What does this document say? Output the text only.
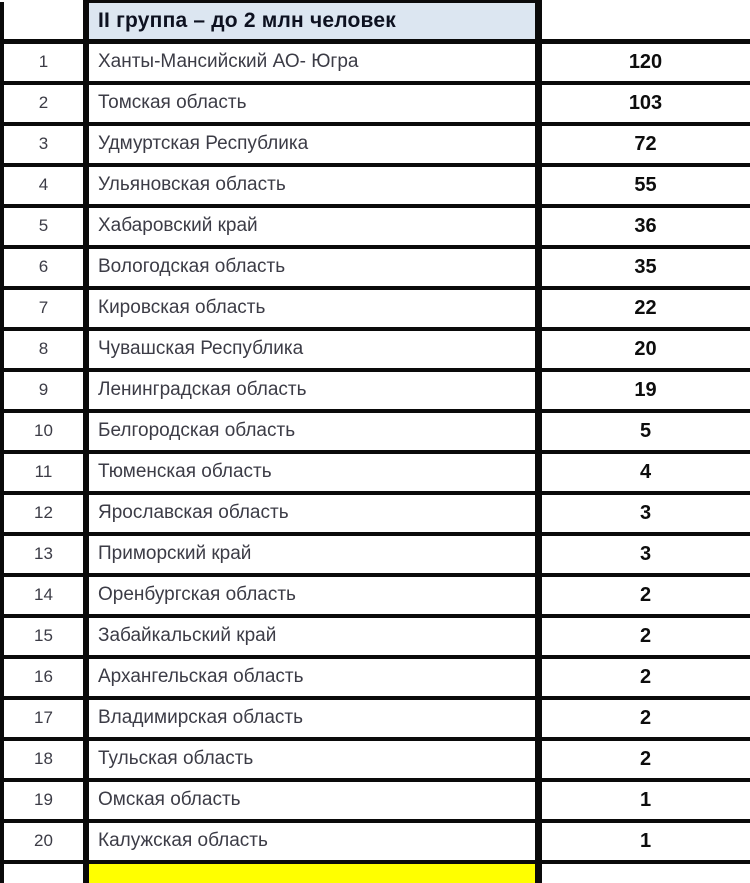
	II группа – до 2 млн человек	
1	Ханты-Мансийский АО- Югра	120
2	Томская область	103
3	Удмуртская Республика	72
4	Ульяновская область	55
5	Хабаровский край	36
6	Вологодская область	35
7	Кировская область	22
8	Чувашская Республика	20
9	Ленинградская область	19
10	Белгородская область	5
11	Тюменская область	4
12	Ярославская область	3
13	Приморский край	3
14	Оренбургская область	2
15	Забайкальский край	2
16	Архангельская область	2
17	Владимирская область	2
18	Тульская область	2
19	Омская область	1
20	Калужская область	1
